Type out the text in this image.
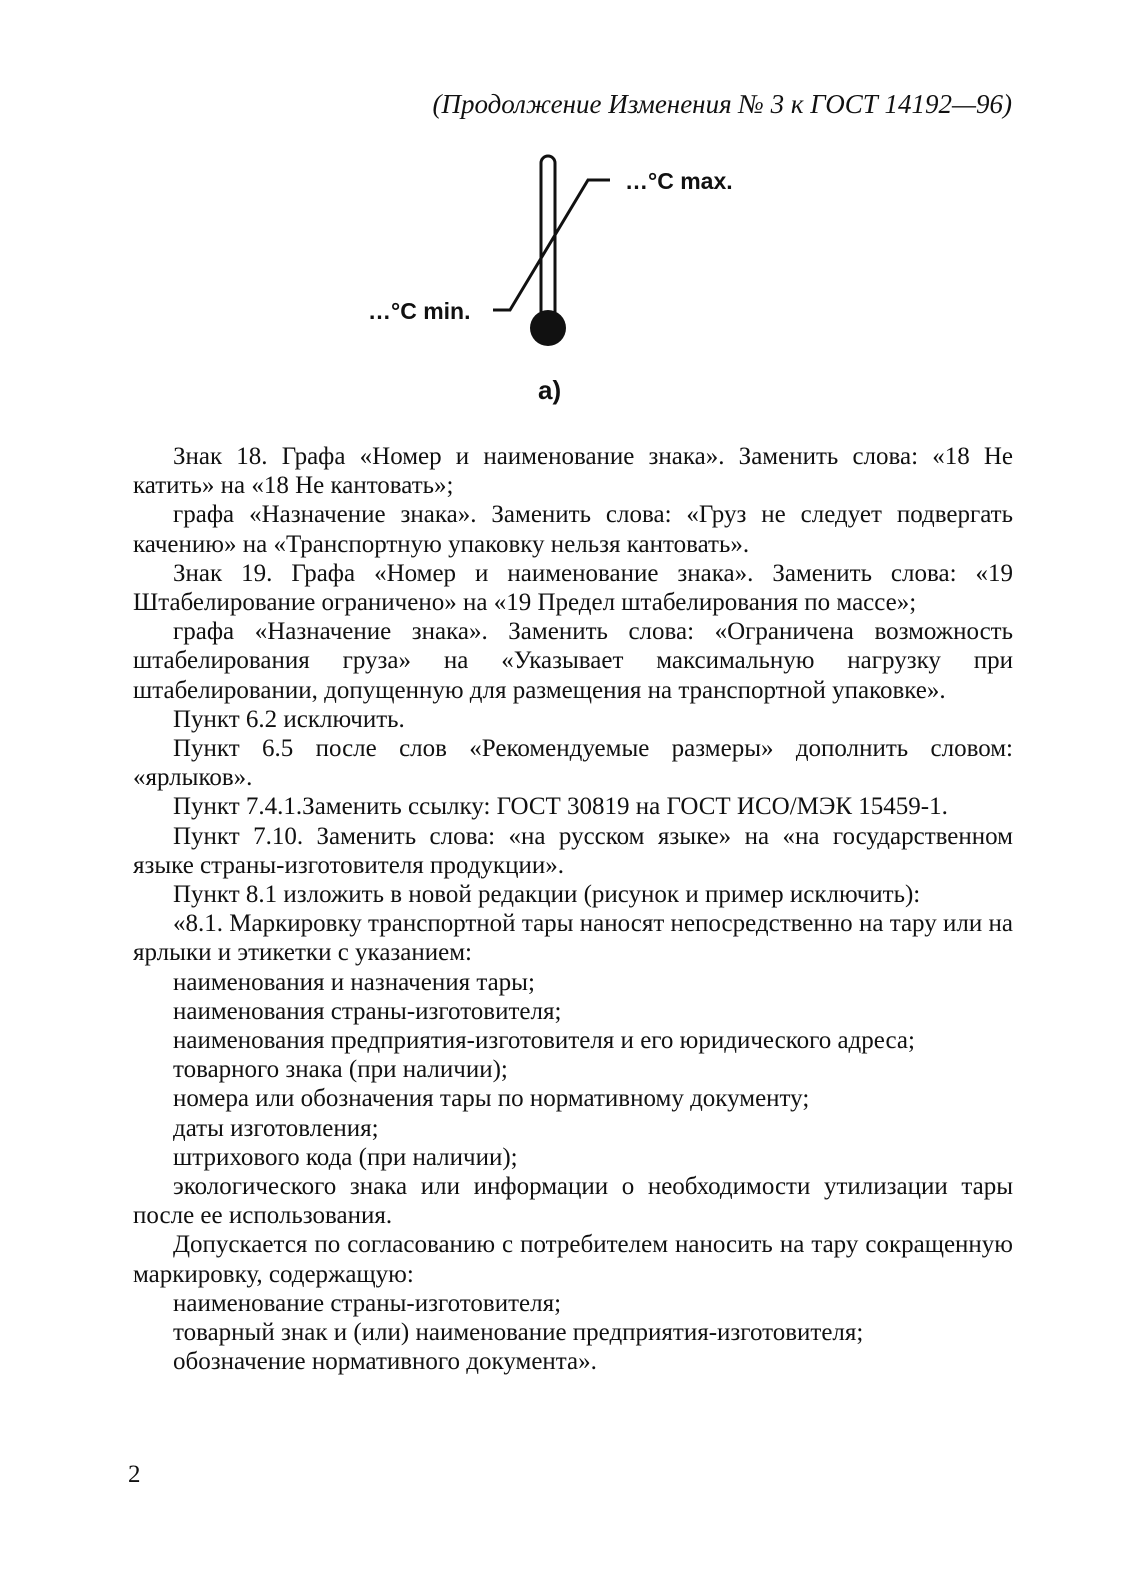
(Продолжение Изменения № 3 к ГОСТ 14192—96)
…°С max.
…°С min.
а)

Знак 18. Графа «Номер и наименование знака». Заменить слова: «18 Не катить» на «18 Не кантовать»;

графа «Назначение знака». Заменить слова: «Груз не следует подвергать качению» на «Транспортную упаковку нельзя кантовать».

Знак 19. Графа «Номер и наименование знака». Заменить слова: «19 Штабелирование ограничено» на «19 Предел штабелирования по массе»;

графа «Назначение знака». Заменить слова: «Ограничена возможность штабелирования груза» на «Указывает максимальную нагрузку при штабелировании, допущенную для размещения на транспортной упаковке».

Пункт 6.2 исключить.

Пункт 6.5 после слов «Рекомендуемые размеры» дополнить словом: «ярлыков».

Пункт 7.4.1.Заменить ссылку: ГОСТ 30819 на ГОСТ ИСО/МЭК 15459-1.

Пункт 7.10. Заменить слова: «на русском языке» на «на государственном языке страны-изготовителя продукции».

Пункт 8.1 изложить в новой редакции (рисунок и пример исключить):

«8.1. Маркировку транспортной тары наносят непосредственно на тару или на ярлыки и этикетки с указанием:

наименования и назначения тары;

наименования страны-изготовителя;

наименования предприятия-изготовителя и его юридического адреса;

товарного знака (при наличии);

номера или обозначения тары по нормативному документу;

даты изготовления;

штрихового кода (при наличии);

экологического знака или информации о необходимости утилизации тары после ее использования.

Допускается по согласованию с потребителем наносить на тару сокращенную маркировку, содержащую:

наименование страны-изготовителя;

товарный знак и (или) наименование предприятия-изготовителя;

обозначение нормативного документа».

2
